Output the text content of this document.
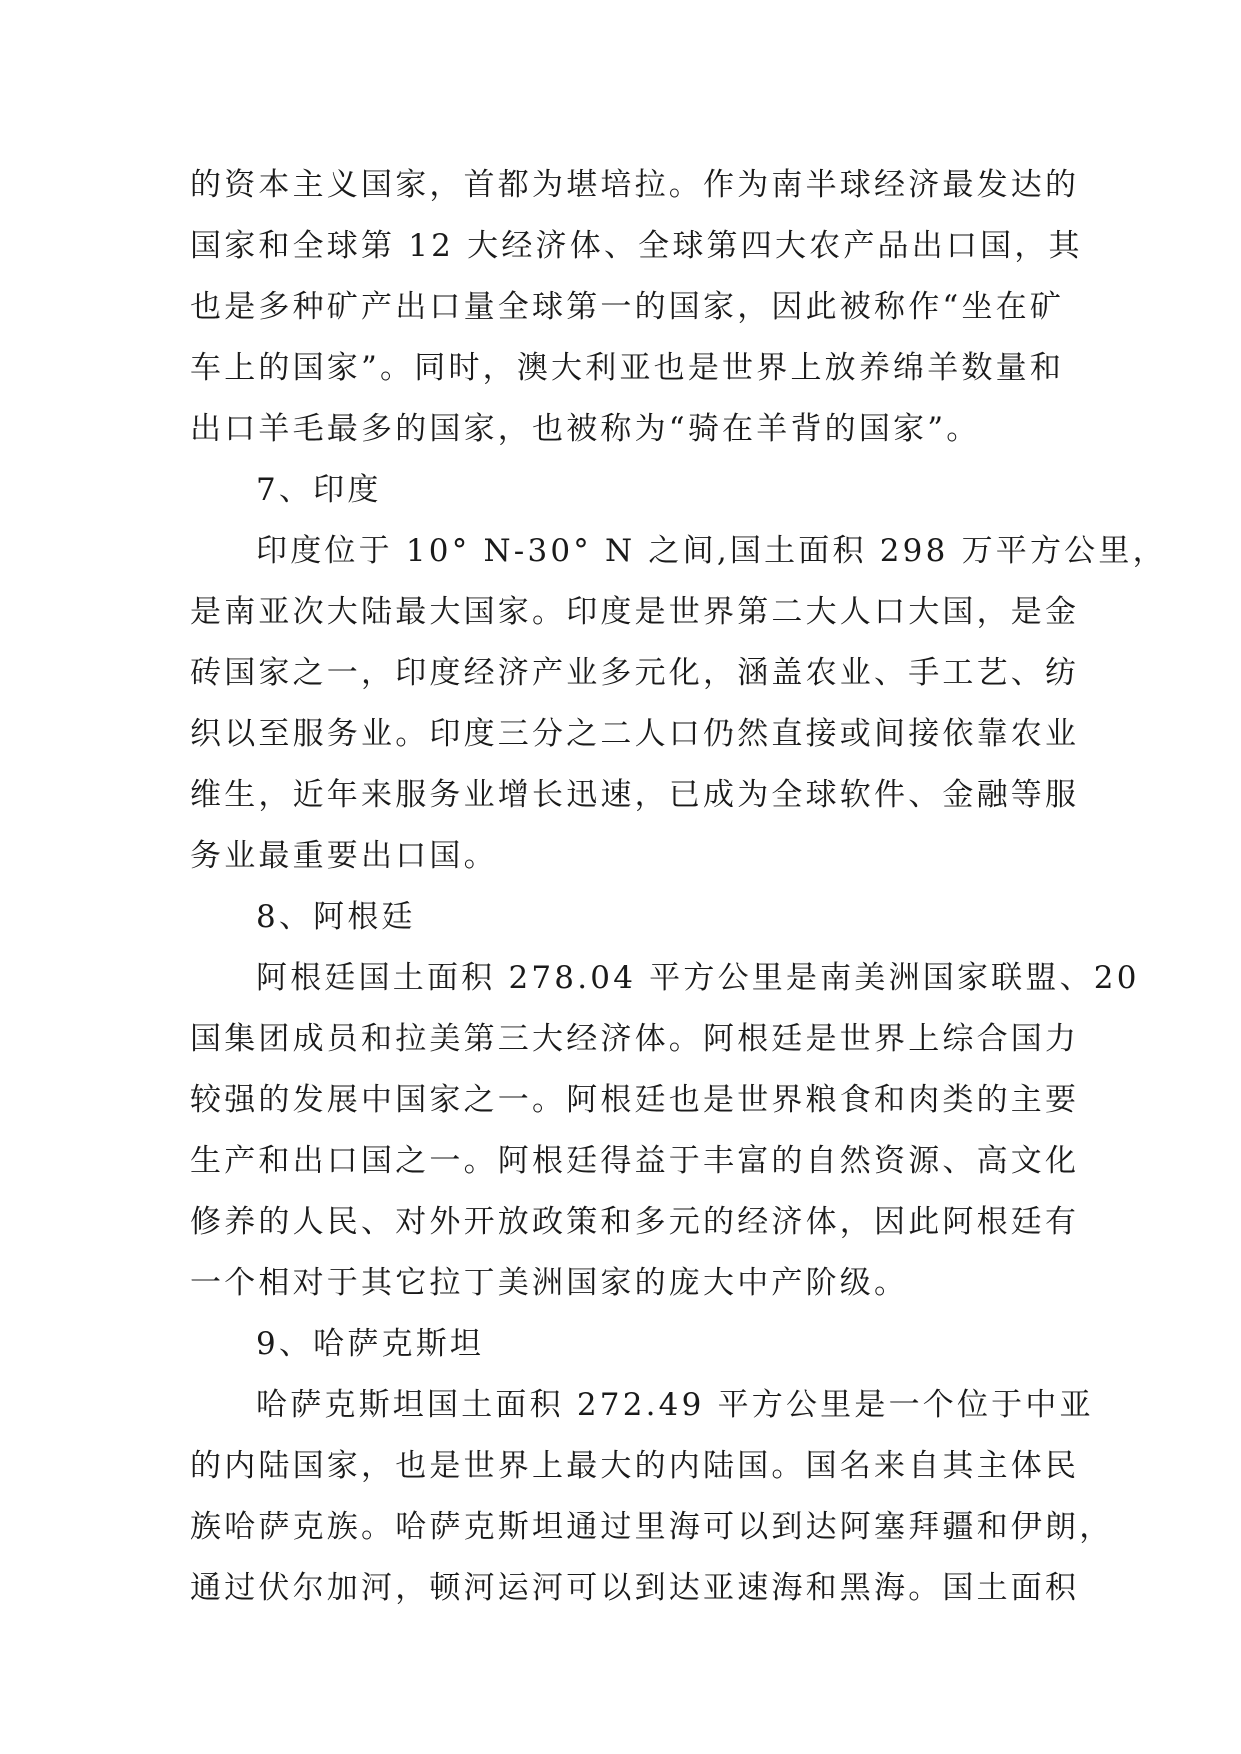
的资本主义国家，首都为堪培拉。作为南半球经济最发达的
国家和全球第 12 大经济体、全球第四大农产品出口国，其
也是多种矿产出口量全球第一的国家，因此被称作“坐在矿
车上的国家”。同时，澳大利亚也是世界上放养绵羊数量和
出口羊毛最多的国家，也被称为“骑在羊背的国家”。

7、印度

印度位于 10° N-30° N 之间,国土面积 298 万平方公里，
是南亚次大陆最大国家。印度是世界第二大人口大国，是金
砖国家之一，印度经济产业多元化，涵盖农业、手工艺、纺
织以至服务业。印度三分之二人口仍然直接或间接依靠农业
维生，近年来服务业增长迅速，已成为全球软件、金融等服
务业最重要出口国。

8、阿根廷

阿根廷国土面积 278.04 平方公里是南美洲国家联盟、20
国集团成员和拉美第三大经济体。阿根廷是世界上综合国力
较强的发展中国家之一。阿根廷也是世界粮食和肉类的主要
生产和出口国之一。阿根廷得益于丰富的自然资源、高文化
修养的人民、对外开放政策和多元的经济体，因此阿根廷有
一个相对于其它拉丁美洲国家的庞大中产阶级。

9、哈萨克斯坦

哈萨克斯坦国土面积 272.49 平方公里是一个位于中亚
的内陆国家，也是世界上最大的内陆国。国名来自其主体民
族哈萨克族。哈萨克斯坦通过里海可以到达阿塞拜疆和伊朗，
通过伏尔加河，顿河运河可以到达亚速海和黑海。国土面积
